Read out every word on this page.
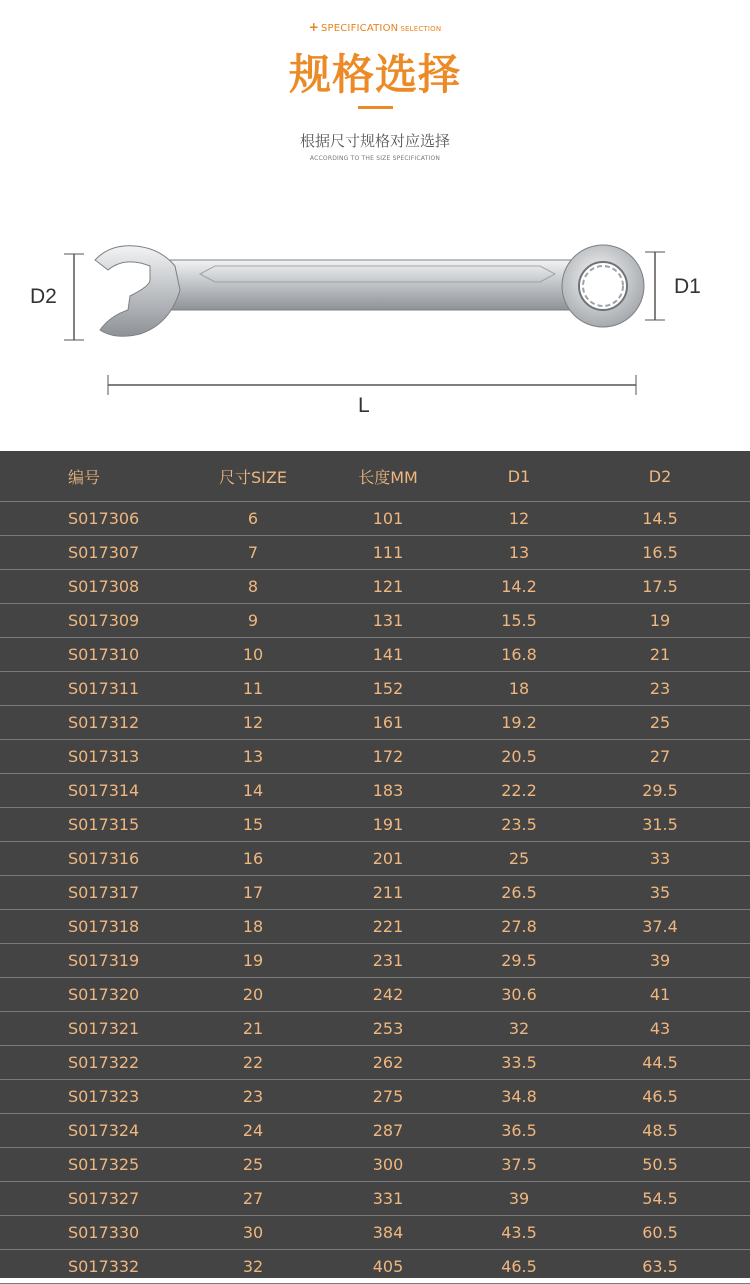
+ SPECIFICATION SELECTION
规格选择
根据尺寸规格对应选择
ACCORDING TO THE SIZE SPECIFICATION
D2	D1
L
编号	尺寸SIZE	长度MM	D1	D2
S017306	6	101	12	14.5
S017307	7	111	13	16.5
S017308	8	121	14.2	17.5
S017309	9	131	15.5	19
S017310	10	141	16.8	21
S017311	11	152	18	23
S017312	12	161	19.2	25
S017313	13	172	20.5	27
S017314	14	183	22.2	29.5
S017315	15	191	23.5	31.5
S017316	16	201	25	33
S017317	17	211	26.5	35
S017318	18	221	27.8	37.4
S017319	19	231	29.5	39
S017320	20	242	30.6	41
S017321	21	253	32	43
S017322	22	262	33.5	44.5
S017323	23	275	34.8	46.5
S017324	24	287	36.5	48.5
S017325	25	300	37.5	50.5
S017327	27	331	39	54.5
S017330	30	384	43.5	60.5
S017332	32	405	46.5	63.5
